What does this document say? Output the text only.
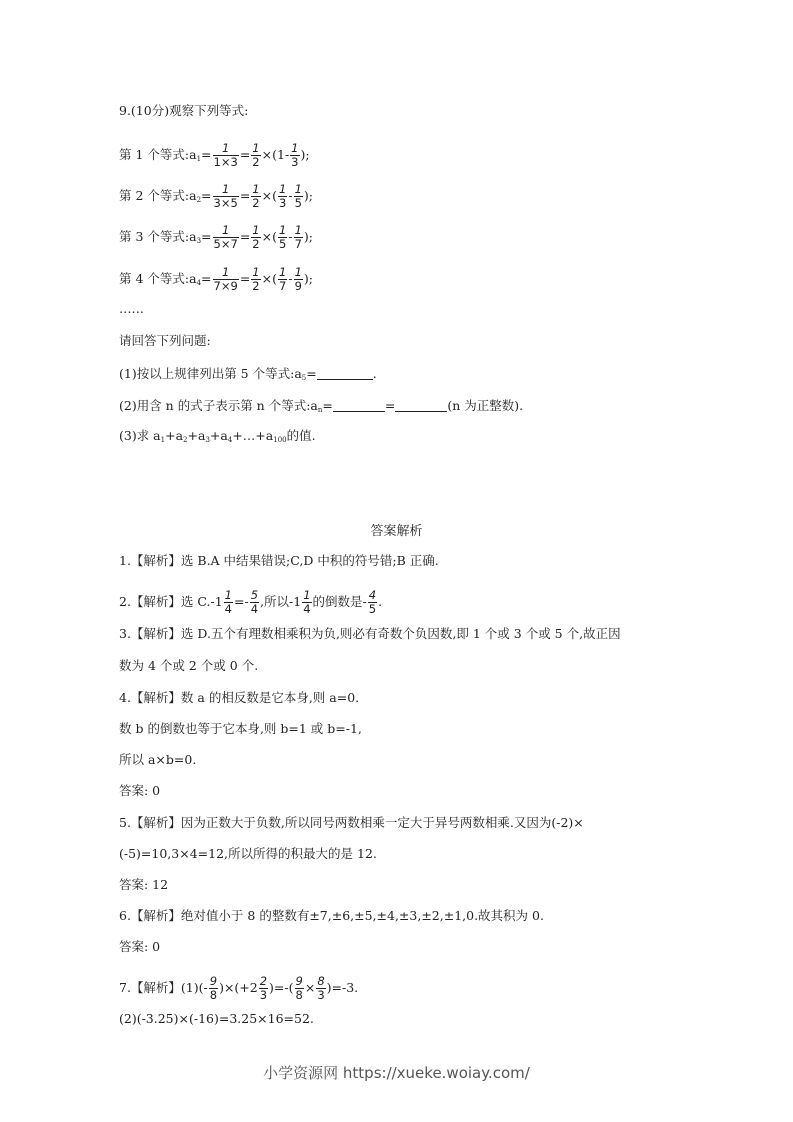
9.(10分)观察下列等式:
第 1 个等式$:a_1= \frac{1}{1\times 3} = \frac{1}{2} \times(1- \frac{1}{3}$ );
第 2 个等式$:a_2= \frac{1}{3\times 5} = \frac{1}{2}$ ×( $\frac{1}{3} - \frac{1}{5}$ );
第 3 个等式$:a_3= \frac{1}{5\times 7} = \frac{1}{2}$ ×( $\frac{1}{5} - \frac{1}{7}$ );
第 4 个等式$:a_4= \frac{1}{7\times 9} = \frac{1}{2}$ ×( $\frac{1}{7} - \frac{1}{9}$ );
……
请回答下列问题:
(1)按以上规律列出第 5 个等式$:a_5=$	.
(2)用含 n 的式子表示第 n 个等式$:a_n=$	=	(n 为正整数).
(3)求 $a_1+a_2+a_3+a_4+\dots+a_{100}$的值.
答案解析
1.【解析】选 B.A 中结果错误;C,D 中积的符号错;B 正确.
2.【解析】选 $C.-1 \frac{1}{4} =- \frac{5}{4}$ ,所以$-1 \frac{1}{4}$ 的倒数是- $\frac{4}{5}$ .
3.【解析】选 D.五个有理数相乘积为负,则必有奇数个负因数,即 1 个或 3 个或 5 个,故正因
数为 4 个或 2 个或 0 个.
4.【解析】数 a 的相反数是它本身,则 a=0.
数 b 的倒数也等于它本身,则 b=1 或 b=-1,
所以 a×b=0.
答案: 0
5.【解析】因为正数大于负数,所以同号两数相乘一定大于异号两数相乘.又因为(-2)×
(-5)=10,3×4=12,所以所得的积最大的是 12.
答案: 12
6.【解析】绝对值小于 8 的整数有±7,±6,±5,±4,±3,±2,±1,0.故其积为 0.
答案: 0
7.【解析】$(1)(- \frac{9}{8} )\times(+2 \frac{2}{3}$ )=-( $\frac{9}{8} \times \frac{8}{3} )=-3$.
(2)(-3.25)×(-16)=3.25×16=52.
小学资源网 https://xueke.woiay.com/
